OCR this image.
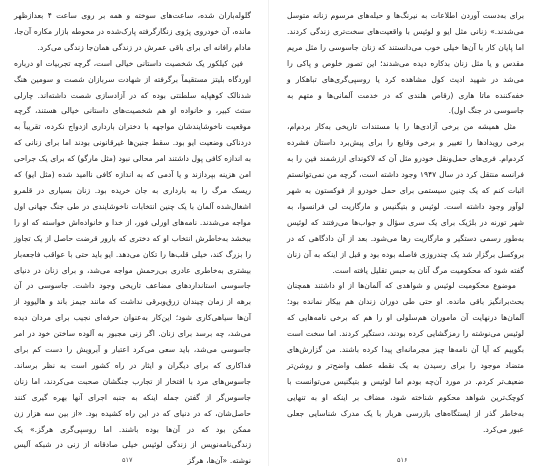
گلوله‌باران شده، ساعت‌های سوخته و همه بر روی ساعت ۴ بعدازظهر مانده، آن خودروی پژوی زنگارگرفته پارک‌شده در محوطه بازار مکاره آن‌جا، مادام رافانه‌ ای برای باقی عمرش در زندگی همان‌جا زندگی می‌کرد.

فین کیلکور یک شخصیت داستانی خیالی است، گرچه تجربیات او درباره اوردگاه بلیتز مستقیماً برگرفته از شهادت سربازان شصت و سومین هنگ شدنالک کوهپایه سلطنتی بوده که در آزادسازی شصت داشته‌اند. چارلی ستث کبیر، و خانواده او هم شخصیت‌های داستانی خیالی هستند، گرچه موقعیت ناخوشایندشان مواجهه با دختران بارداری ازدواج نکرده، تقریباً به دردناکی وضعیت ایو بود. سقط جنین‌ها غیرقانونی بودند اما برای زنانی که به اندازه کافی پول داشتند امر محالی نبود (مثل مارگو) که برای یک جراحی امن هزینه بپردازند و یا آدمی که به اندازه کافی ناامید شده (مثل ایو) که ریسک مرگ را به بارداری به جان خریده بود. زنان بسیاری در قلمرو اشغال‌شده آلمان با یک چنین انتخابات ناخوشایندی در طی جنگ جهانی اول مواجه می‌شدند. نامه‌های اورلی فور، از خدا و خانواده‌اش خواسته که او را ببخشد به‌خاطرش انتخاب او که دختری که بارور قرضت حاصل از یک تجاوز را بزرگ کند، خیلی قلب‌ها را تکان می‌دهد. ایو باید حتی با عواقب فاجعه‌بار بیشتری به‌خاطری عادری بی‌رحمش مواجه می‌شد، و برای زنان در دنیای جاسوسی استانداردهای مضاعف تاریخی وجود داشت. جاسوسی در آن برهه از زمان چیندان زرق‌وبرقی نداشت که مانند جیمز باند و هالیوود از آن‌ها سیاهی‌کاری شود؛ این‌کار به‌عنوان حرفه‌ای نجیب برای مردان دیده می‌شد، چه برسد برای زنان. اگر زنی مجبور به آلوده ساختن خود در امر جاسوسی می‌شد، باید سعی می‌کرد اعتبار و آبرویش را دست کم برای فداکاری که برای دیگران و ایثار در راه کشور است به نظر برساند. جاسوس‌های مرد با افتخار از تجارب جنگشان صحبت می‌کردند، اما زنان جاسوس‌گر از گفتن جمله اینکه به جنبه اجرای آنها بهره گیری کنند حاصل‌شان، که در دنیای که در این راه کشیده بود. «از بین سه هزار زن ممکن بود که در آن‌ها بوده باشند. اما روسپی‌گری هرگز.» یک زندگی‌نامه‌نویس از زندگی لوئیس خیلی صادقانه از زنی در شبکه آلیس نوشته. «آن‌ها، هرگز

۵۱۷

برای به‌دست آوردن اطلاعات به نیرنگ‌ها و حیله‌های مرسوم زنانه متوسل می‌شدند.» زنانی مثل ایو و لوئیس با واقعیت‌های سخت‌تری زندگی کردند. اما پایان کار با آن‌ها خیلی خوب می‌دانستند که زنان جاسوسی را مثل مریم مقدس و یا مثل زنان بدکاره دیده می‌شدند؛ این تصور خلوص و پاکی را می‌شد در شهید ادیث کول مشاهده کرد یا روسپی‌گری‌های تباهکار و خفه‌کننده ماتا هاری (رقاص هلندی که در خدمت آلمانی‌ها و متهم به جاسوسی در جنگ اول).

مثل همیشه من برخی آزادی‌ها را با مستندات تاریخی به‌کار بردم‌ام، برخی رویدادها را تغییر و برخی وقایع را برای پیش‌برد داستان فشرده کردم‌ام. فری‌های حمل‌ونقل خودرو مثل آن که لاکوندای ارزشمند فین را به فرانسه منتقل کرد در سال ۱۹۴۷ وجود داشته است، گرچه من نمی‌توانستم اثبات کنم که یک چنین سیستمی برای حمل خودرو از فوکستون به شهر لوآور وجود داشته است. لوئیس و بتیگنیس و مارگاریت لی فرانسوا، به شهر تورنه در بلژیک برای یک سری سؤال و جواب‌ها می‌رفتند که لوئیس به‌طور رسمی دستگیر و مارگاریت رها می‌شود. بعد از آن دادگاهی که در بروکسل برگزار شد یک چندروزی فاصله بوده بود و قبل از اینکه به آن زنان گفته شود که محکومیت مرگ آنان به حبس تقلیل یافته است.

موضوع محکومیت لوئیس و شواهدی که آلمان‌ها از او داشتند همچنان بحث‌برانگیز باقی مانده. او حتی طی دوران زندان هم بیکار نمانده بود؛ آلمان‌ها درنهایت آن ماموران هم‌سلولی او را هم که برخی نامه‌هایی که لوئیس می‌نوشته را رمزگشایی کرده بودند، دستگیر کردند. اما سخت است بگوییم که آیا آن نامه‌ها چیز مجرمانه‌ای پیدا کرده باشند. من گزارش‌های متضاد موجود را برای رسیدن به یک نقطه عطف واضح‌تر و روشن‌تر ضعیف‌تر کردم. در مورد آن‌چه بودم اما لوئیس و بتیگنیس می‌توانست با کوچک‌ترین شواهد محکوم شناخته شود، مضاف بر اینکه او به تنهایی به‌خاطر گذر از ایستگاه‌های بازرسی هربار با یک مدرک شناسایی جعلی عبور می‌کرد.

۵۱۶
